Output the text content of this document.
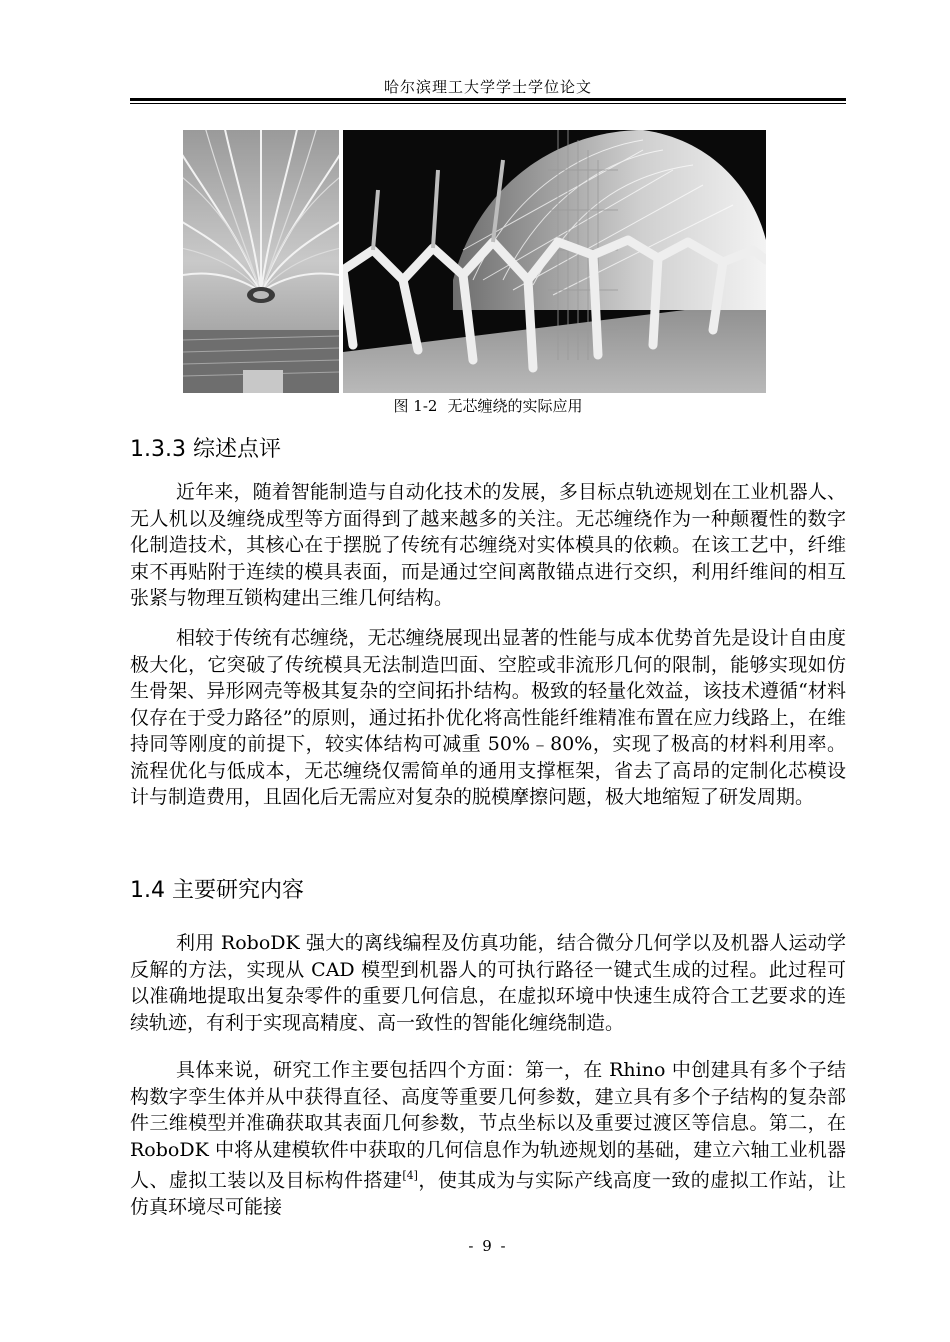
哈尔滨理工大学学士学位论文
图 1-2 无芯缠绕的实际应用
1.3.3 综述点评

近年来，随着智能制造与自动化技术的发展，多目标点轨迹规划在工业机器人、无人机以及缠绕成型等方面得到了越来越多的关注。无芯缠绕作为一种颠覆性的数字化制造技术，其核心在于摆脱了传统有芯缠绕对实体模具的依赖。在该工艺中，纤维束不再贴附于连续的模具表面，而是通过空间离散锚点进行交织，利用纤维间的相互张紧与物理互锁构建出三维几何结构。

相较于传统有芯缠绕，无芯缠绕展现出显著的性能与成本优势首先是设计自由度极大化，它突破了传统模具无法制造凹面、空腔或非流形几何的限制，能够实现如仿生骨架、异形网壳等极其复杂的空间拓扑结构。极致的轻量化效益，该技术遵循“材料仅存在于受力路径”的原则，通过拓扑优化将高性能纤维精准布置在应力线路上，在维持同等刚度的前提下，较实体结构可减重 50%﹣80%，实现了极高的材料利用率。流程优化与低成本，无芯缠绕仅需简单的通用支撑框架，省去了高昂的定制化芯模设计与制造费用，且固化后无需应对复杂的脱模摩擦问题，极大地缩短了研发周期。

1.4 主要研究内容

利用 RoboDK 强大的离线编程及仿真功能，结合微分几何学以及机器人运动学反解的方法，实现从 CAD 模型到机器人的可执行路径一键式生成的过程。此过程可以准确地提取出复杂零件的重要几何信息，在虚拟环境中快速生成符合工艺要求的连续轨迹，有利于实现高精度、高一致性的智能化缠绕制造。

具体来说，研究工作主要包括四个方面：第一，在 Rhino 中创建具有多个子结构数字孪生体并从中获得直径、高度等重要几何参数，建立具有多个子结构的复杂部件三维模型并准确获取其表面几何参数，节点坐标以及重要过渡区等信息。第二，在 RoboDK 中将从建模软件中获取的几何信息作为轨迹规划的基础，建立六轴工业机器人、虚拟工装以及目标构件搭建[4]，使其成为与实际产线高度一致的虚拟工作站，让仿真环境尽可能接

- 9 -
